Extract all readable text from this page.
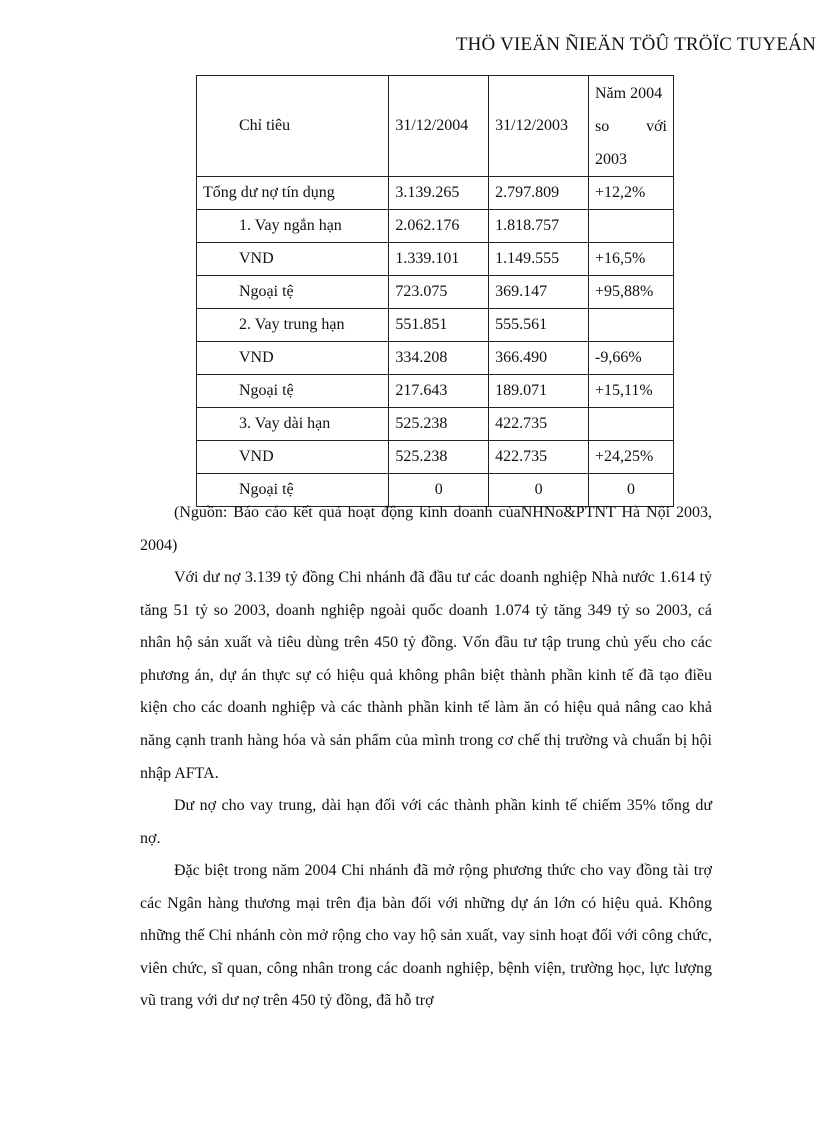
THÖ VIEÄN ÑIEÄN TÖÛ TRÖÏC TUYEÁN
Chỉ tiêu	31/12/2004	31/12/2003	Năm 2004
so với
2003

Tổng dư nợ tín dụng	3.139.265	2.797.809	+12,2%
1. Vay ngắn hạn	2.062.176	1.818.757	
VND	1.339.101	1.149.555	+16,5%
Ngoại tệ	723.075	369.147	+95,88%
2. Vay trung hạn	551.851	555.561	
VND	334.208	366.490	-9,66%
Ngoại tệ	217.643	189.071	+15,11%
3. Vay dài hạn	525.238	422.735	
VND	525.238	422.735	+24,25%
Ngoại tệ	0	0	0

(Nguồn: Báo cáo kết quả hoạt động kinh doanh củaNHNo&PTNT Hà Nội 2003, 2004)

Với dư nợ 3.139 tỷ đồng Chi nhánh đã đầu tư các doanh nghiệp Nhà nước 1.614 tỷ tăng 51 tỷ so 2003, doanh nghiệp ngoài quốc doanh 1.074 tỷ tăng 349 tỷ so 2003, cá nhân hộ sản xuất và tiêu dùng trên 450 tỷ đồng. Vốn đầu tư tập trung chủ yếu cho các phương án, dự án thực sự có hiệu quả không phân biệt thành phần kinh tế đã tạo điều kiện cho các doanh nghiệp và các thành phần kinh tế làm ăn có hiệu quả nâng cao khả năng cạnh tranh hàng hóa và sản phẩm của mình trong cơ chế thị trường và chuẩn bị hội nhập AFTA.

Dư nợ cho vay trung, dài hạn đối với các thành phần kinh tế chiếm 35% tổng dư nợ.

Đặc biệt trong năm 2004 Chi nhánh đã mở rộng phương thức cho vay đồng tài trợ các Ngân hàng thương mại trên địa bàn đối với những dự án lớn có hiệu quả. Không những thế Chi nhánh còn mở rộng cho vay hộ sản xuất, vay sinh hoạt đối với công chức, viên chức, sĩ quan, công nhân trong các doanh nghiệp, bệnh viện, trường học, lực lượng vũ trang với dư nợ trên 450 tỷ đồng, đã hỗ trợ
